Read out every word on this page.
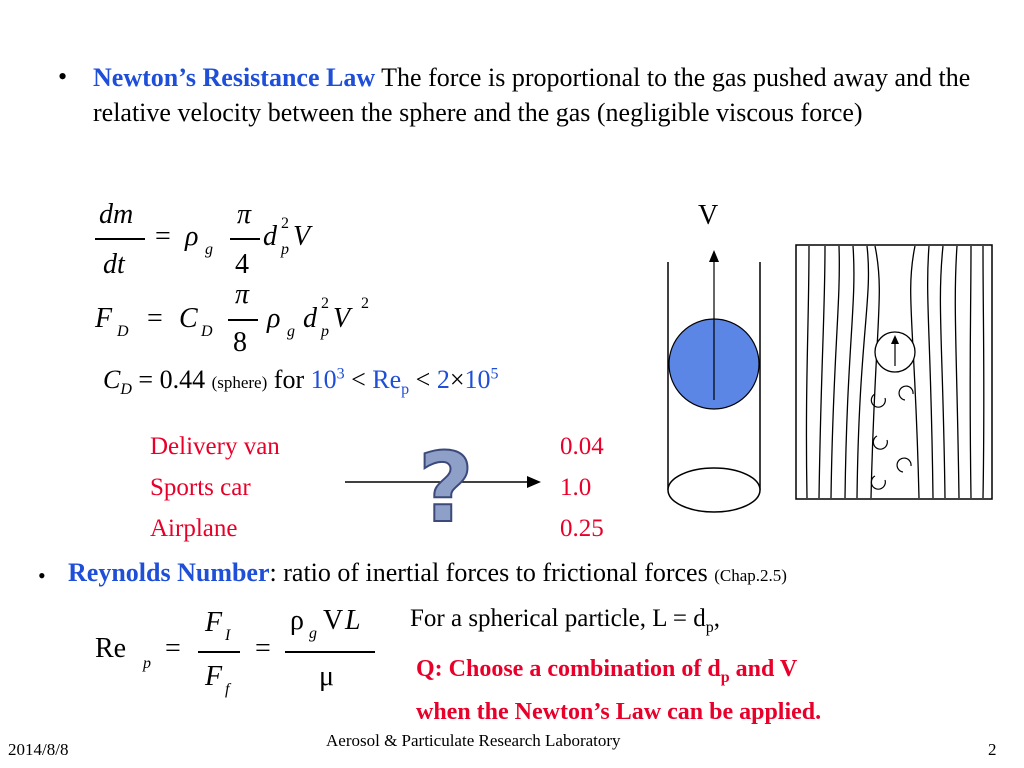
• Newton’s Resistance Law The force is proportional to the gas pushed away and the relative velocity between the sphere and the gas (negligible viscous force)
dm
dt
= ρ g
π
4
d 2
p V
F D = C D
π
8
ρ g d 2
p V 2
$C_D = 0.44$ (sphere) for $10^3 < Re_p < 2\times 10^5$
Delivery van
Sports car
Airplane
0.04
1.0
0.25
?
V
• Reynolds Number: ratio of inertial forces to frictional forces (Chap.2.5)
Re p =
F I
F f
=
ρ g V L
μ
For a spherical particle, $L = d_p$,
Q: Choose a combination of $d_p$ and V
when the Newton’s Law can be applied.
2014/8/8	Aerosol & Particulate Research Laboratory	2
